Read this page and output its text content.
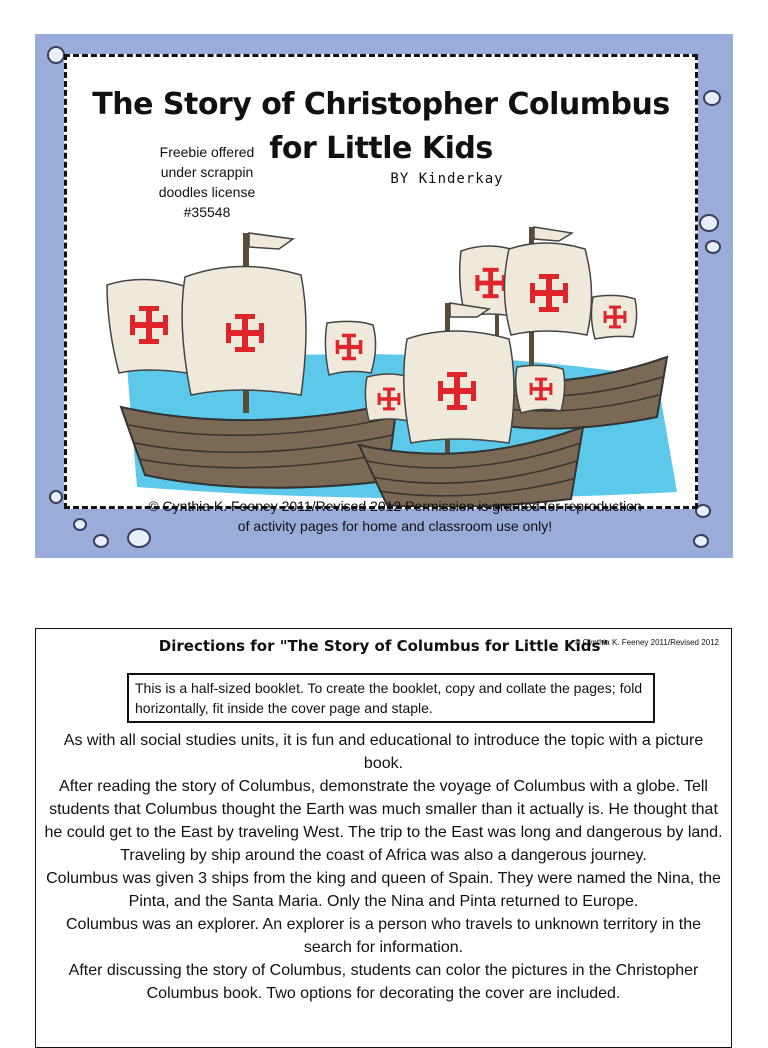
The Story of Christopher Columbus
for Little Kids
BY Kinderkay
Freebie offered
under scrappin
doodles license
#35548
© Cynthia K. Feeney 2011/Revised 2012 Permission is granted for reproduction
of activity pages for home and classroom use only!
Directions for "The Story of Columbus for Little Kids"
© Cynthia K. Feeney 2011/Revised 2012
This is a half-sized booklet. To create the booklet, copy and collate the pages; fold horizontally, fit inside the cover page and staple.

As with all social studies units, it is fun and educational to introduce the topic with a picture book.

After reading the story of Columbus, demonstrate the voyage of Columbus with a globe. Tell students that Columbus thought the Earth was much smaller than it actually is. He thought that he could get to the East by traveling West. The trip to the East was long and dangerous by land. Traveling by ship around the coast of Africa was also a dangerous journey.

Columbus was given 3 ships from the king and queen of Spain. They were named the Nina, the Pinta, and the Santa Maria. Only the Nina and Pinta returned to Europe.

Columbus was an explorer. An explorer is a person who travels to unknown territory in the search for information.

After discussing the story of Columbus, students can color the pictures in the Christopher Columbus book. Two options for decorating the cover are included.
